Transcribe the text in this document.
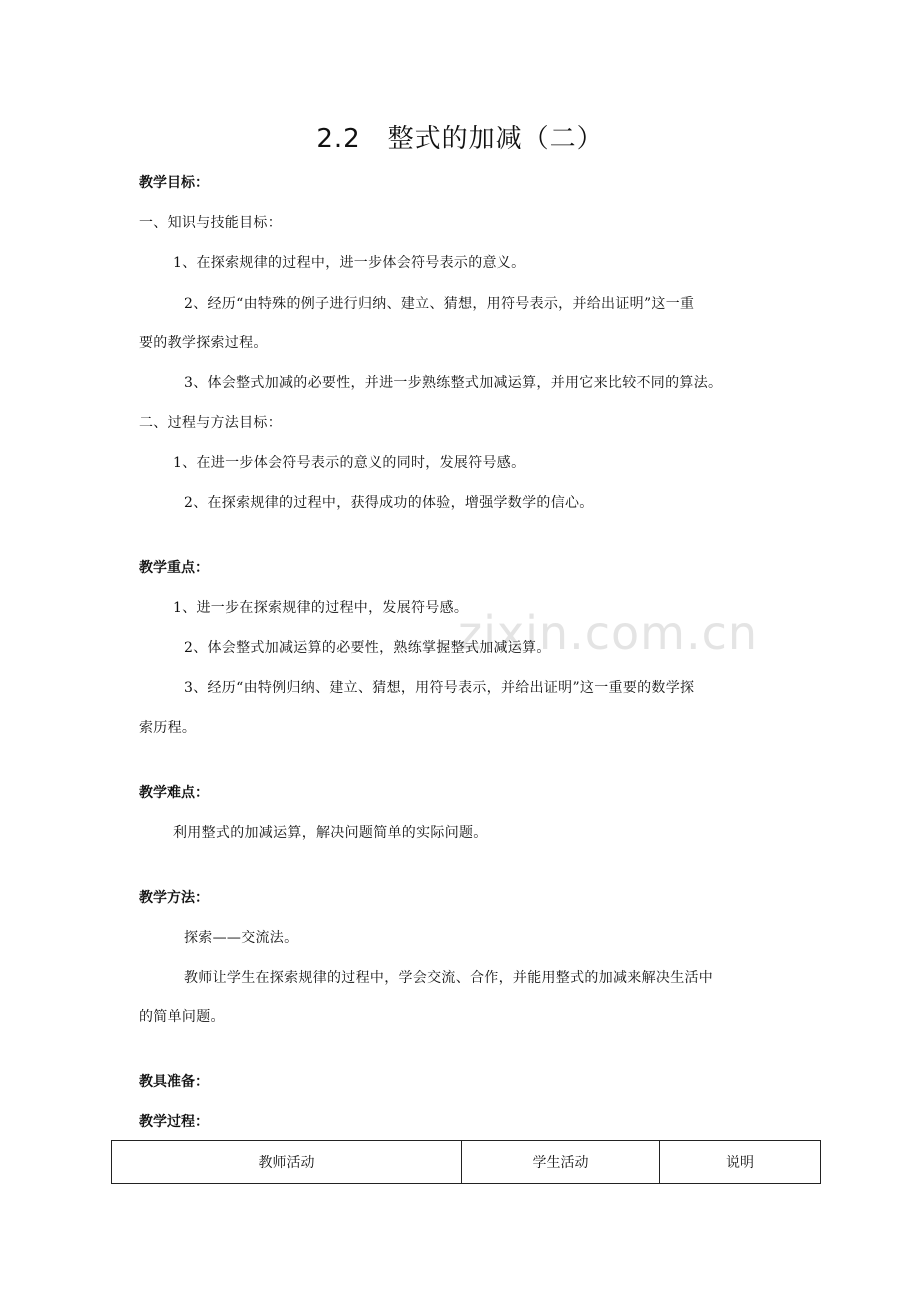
zixin.com.cn
2.2　整式的加减（二）
教学目标：
一、知识与技能目标：
1、在探索规律的过程中，进一步体会符号表示的意义。
2、经历“由特殊的例子进行归纳、建立、猜想，用符号表示，并给出证明”这一重
要的教学探索过程。
3、体会整式加减的必要性，并进一步熟练整式加减运算，并用它来比较不同的算法。
二、过程与方法目标：
1、在进一步体会符号表示的意义的同时，发展符号感。
2、在探索规律的过程中，获得成功的体验，增强学数学的信心。
教学重点：
1、进一步在探索规律的过程中，发展符号感。
2、体会整式加减运算的必要性，熟练掌握整式加减运算。
3、经历“由特例归纳、建立、猜想，用符号表示，并给出证明”这一重要的数学探
索历程。
教学难点：
利用整式的加减运算，解决问题简单的实际问题。
教学方法：
探索——交流法。
教师让学生在探索规律的过程中，学会交流、合作，并能用整式的加减来解决生活中
的简单问题。
教具准备：
教学过程：
教师活动	学生活动	说明
